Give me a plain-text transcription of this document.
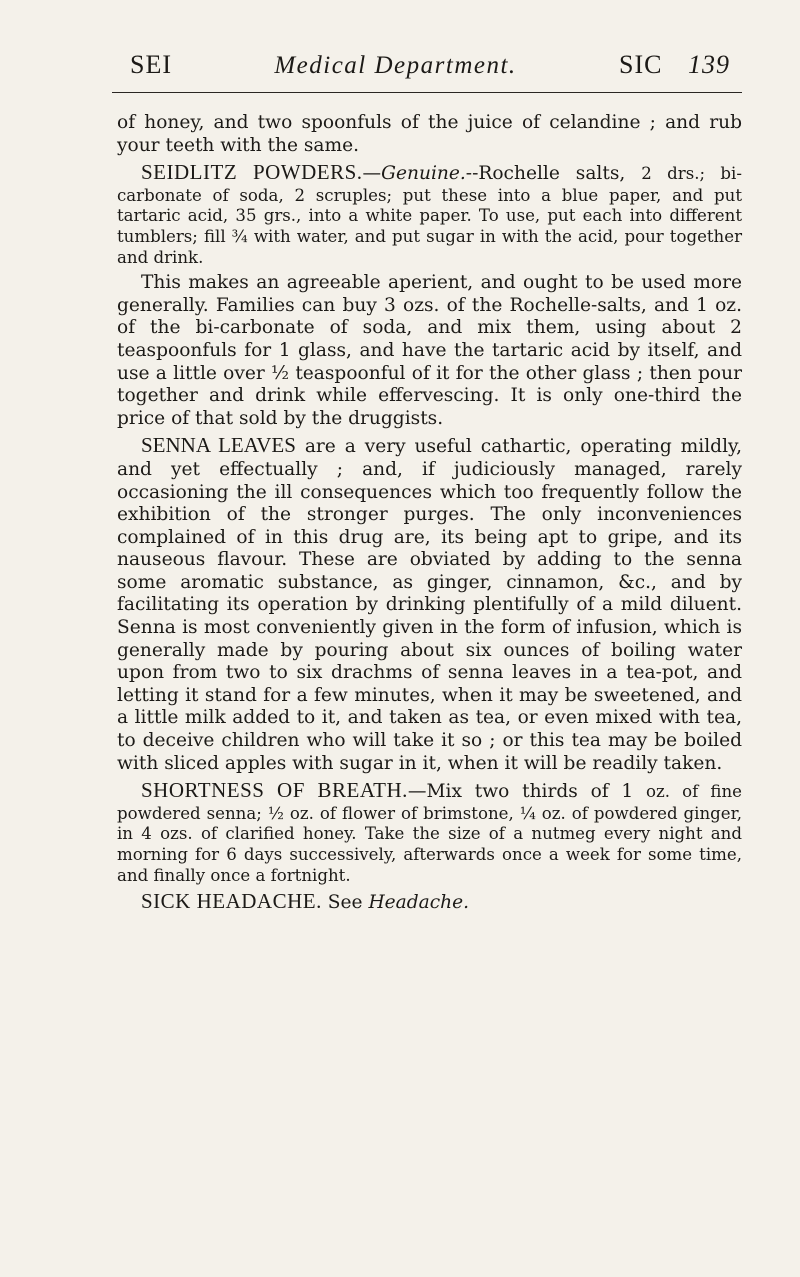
SEI	Medical Department.	SIC 139

of honey, and two spoonfuls of the juice of celandine ; and rub your teeth with the same.

SEIDLITZ POWDERS.—Genuine.--Rochelle salts, 2 drs.; bi-carbonate of soda, 2 scruples; put these into a blue paper, and put tartaric acid, 35 grs., into a white paper. To use, put each into different tumblers; fill ¾ with water, and put sugar in with the acid, pour together and drink.

This makes an agreeable aperient, and ought to be used more generally. Families can buy 3 ozs. of the Rochelle-salts, and 1 oz. of the bi-carbonate of soda, and mix them, using about 2 teaspoonfuls for 1 glass, and have the tartaric acid by itself, and use a little over ½ teaspoonful of it for the other glass ; then pour together and drink while effervescing. It is only one-third the price of that sold by the druggists.

SENNA LEAVES are a very useful cathartic, operating mildly, and yet effectually ; and, if judiciously managed, rarely occasioning the ill consequences which too frequently follow the exhibition of the stronger purges. The only inconveniences complained of in this drug are, its being apt to gripe, and its nauseous flavour. These are obviated by adding to the senna some aromatic substance, as ginger, cinnamon, &c., and by facilitating its operation by drinking plentifully of a mild diluent. Senna is most conveniently given in the form of infusion, which is generally made by pouring about six ounces of boiling water upon from two to six drachms of senna leaves in a tea-pot, and letting it stand for a few minutes, when it may be sweetened, and a little milk added to it, and taken as tea, or even mixed with tea, to deceive children who will take it so ; or this tea may be boiled with sliced apples with sugar in it, when it will be readily taken.

SHORTNESS OF BREATH.—Mix two thirds of 1 oz. of fine powdered senna; ½ oz. of flower of brimstone, ¼ oz. of powdered ginger, in 4 ozs. of clarified honey. Take the size of a nutmeg every night and morning for 6 days successively, afterwards once a week for some time, and finally once a fortnight.

SICK HEADACHE. See Headache.
